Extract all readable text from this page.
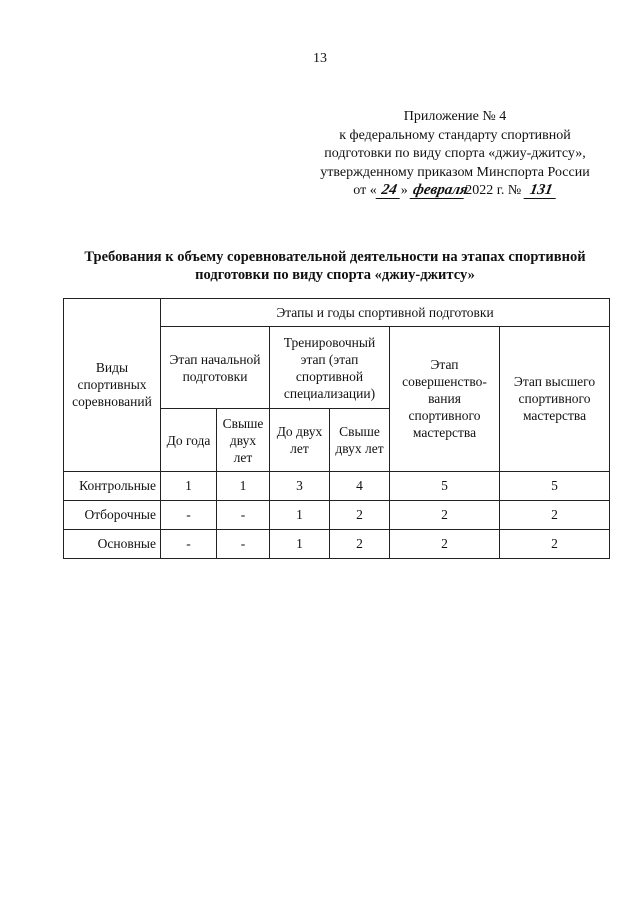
13
Приложение № 4
к федеральному стандарту спортивной
подготовки по виду спорта «джиу-джитсу»,
утвержденному приказом Минспорта России
от « 24 » февраля2022 г. № 131
Требования к объему соревновательной деятельности на этапах спортивной
подготовки по виду спорта «джиу-джитсу»
Виды спортивных соревнований	Этапы и годы спортивной подготовки					
	Этап начальной подготовки		Тренировочный этап (этап спортивной специализации)		Этап совершенство-вания спортивного мастерства	Этап высшего спортивного мастерства
	До года	Свыше двух лет	До двух лет	Свыше двух лет		
Контрольные	1	1	3	4	5	5
Отборочные	-	-	1	2	2	2
Основные	-	-	1	2	2	2
